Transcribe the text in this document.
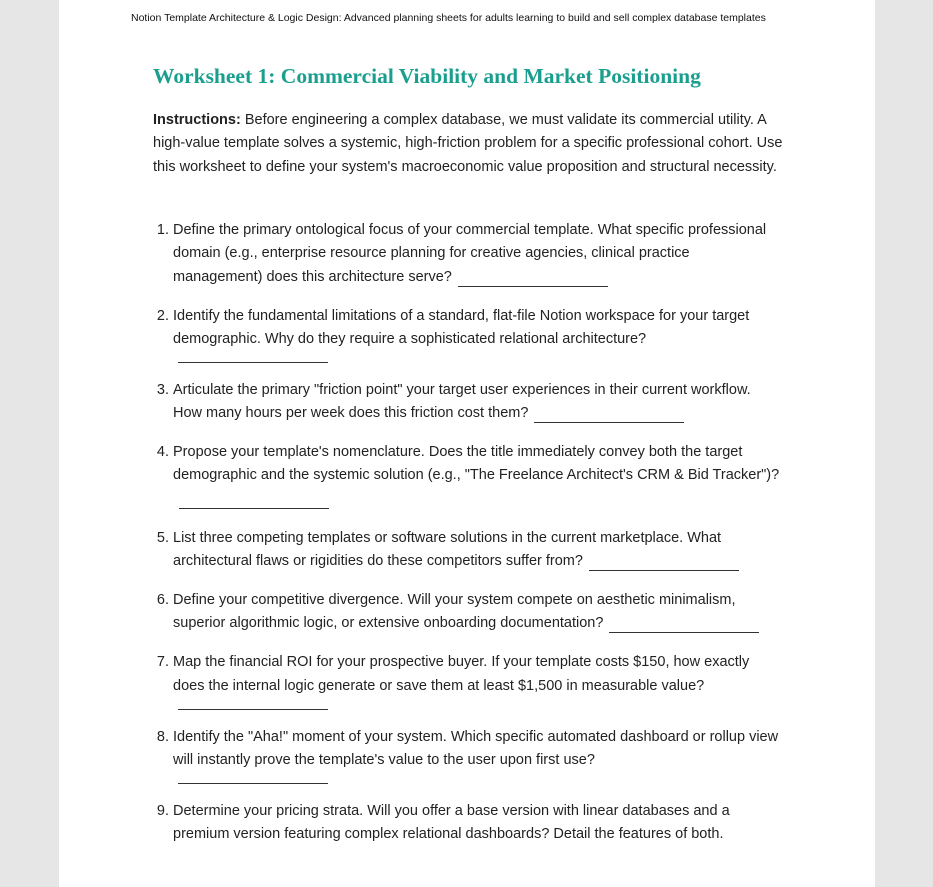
Notion Template Architecture & Logic Design: Advanced planning sheets for adults learning to build and sell complex database templates
Worksheet 1: Commercial Viability and Market Positioning

Instructions: Before engineering a complex database, we must validate its commercial utility. A high-value template solves a systemic, high-friction problem for a specific professional cohort. Use this worksheet to define your system's macroeconomic value proposition and structural necessity.

1. Define the primary ontological focus of your commercial template. What specific professional domain (e.g., enterprise resource planning for creative agencies, clinical practice management) does this architecture serve?
2. Identify the fundamental limitations of a standard, flat-file Notion workspace for your target demographic. Why do they require a sophisticated relational architecture?
3. Articulate the primary "friction point" your target user experiences in their current workflow. How many hours per week does this friction cost them?
4. Propose your template's nomenclature. Does the title immediately convey both the target demographic and the systemic solution (e.g., "The Freelance Architect's CRM & Bid Tracker")?
5. List three competing templates or software solutions in the current marketplace. What architectural flaws or rigidities do these competitors suffer from?
6. Define your competitive divergence. Will your system compete on aesthetic minimalism, superior algorithmic logic, or extensive onboarding documentation?
7. Map the financial ROI for your prospective buyer. If your template costs $150, how exactly does the internal logic generate or save them at least $1,500 in measurable value?
8. Identify the "Aha!" moment of your system. Which specific automated dashboard or rollup view will instantly prove the template's value to the user upon first use?
9. Determine your pricing strata. Will you offer a base version with linear databases and a premium version featuring complex relational dashboards? Detail the features of both.
